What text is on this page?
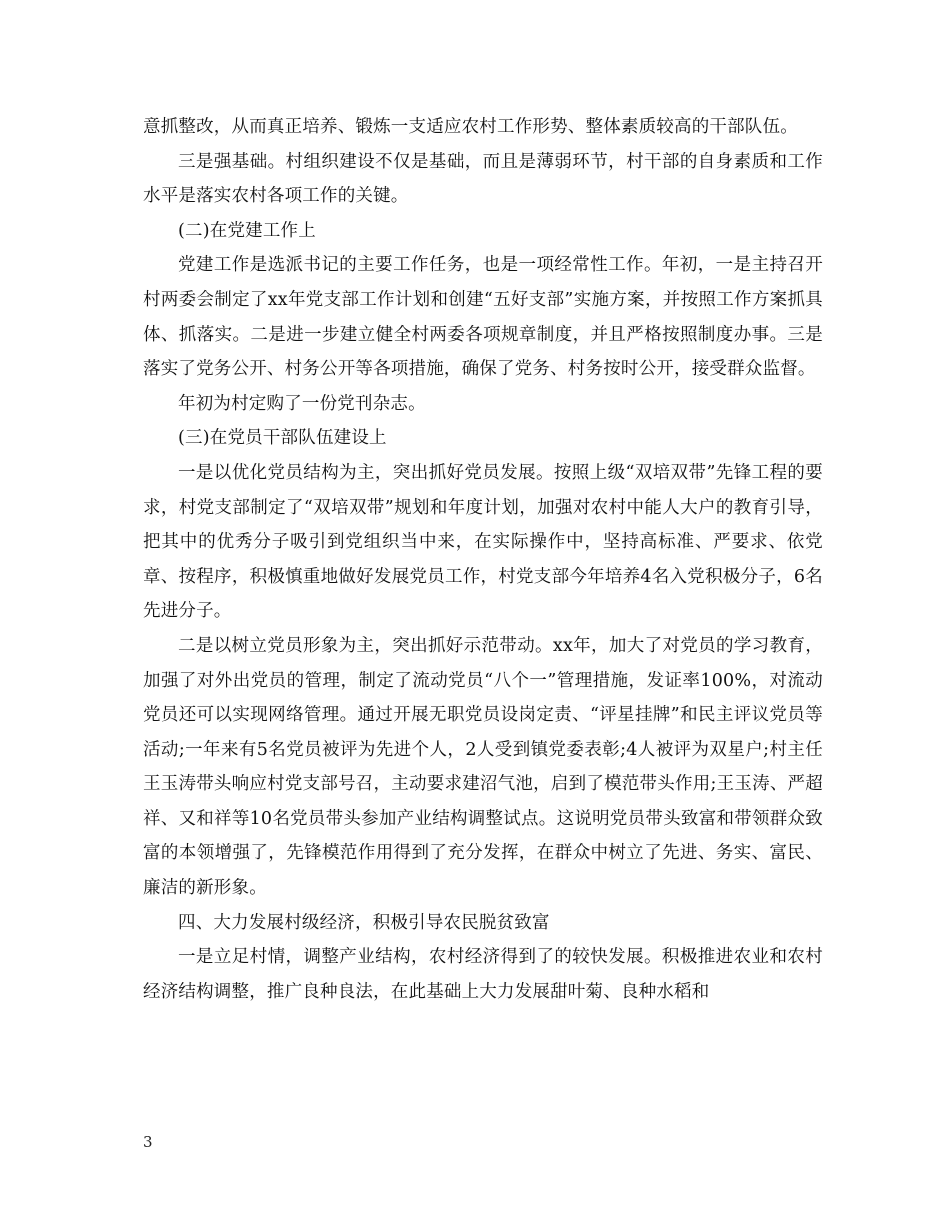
意抓整改，从而真正培养、锻炼一支适应农村工作形势、整体素质较高的干部队伍。

三是强基础。村组织建设不仅是基础，而且是薄弱环节，村干部的自身素质和工作水平是落实农村各项工作的关键。

(二)在党建工作上

党建工作是选派书记的主要工作任务，也是一项经常性工作。年初，一是主持召开村两委会制定了xx年党支部工作计划和创建“五好支部”实施方案，并按照工作方案抓具体、抓落实。二是进一步建立健全村两委各项规章制度，并且严格按照制度办事。三是落实了党务公开、村务公开等各项措施，确保了党务、村务按时公开，接受群众监督。

年初为村定购了一份党刊杂志。

(三)在党员干部队伍建设上

一是以优化党员结构为主，突出抓好党员发展。按照上级“双培双带”先锋工程的要求，村党支部制定了“双培双带”规划和年度计划，加强对农村中能人大户的教育引导，把其中的优秀分子吸引到党组织当中来，在实际操作中，坚持高标准、严要求、依党章、按程序，积极慎重地做好发展党员工作，村党支部今年培养4名入党积极分子，6名先进分子。

二是以树立党员形象为主，突出抓好示范带动。xx年，加大了对党员的学习教育，加强了对外出党员的管理，制定了流动党员“八个一”管理措施，发证率100%，对流动党员还可以实现网络管理。通过开展无职党员设岗定责、“评星挂牌”和民主评议党员等活动;一年来有5名党员被评为先进个人，2人受到镇党委表彰;4人被评为双星户;村主任王玉涛带头响应村党支部号召，主动要求建沼气池，启到了模范带头作用;王玉涛、严超祥、又和祥等10名党员带头参加产业结构调整试点。这说明党员带头致富和带领群众致富的本领增强了，先锋模范作用得到了充分发挥，在群众中树立了先进、务实、富民、廉洁的新形象。

四、大力发展村级经济，积极引导农民脱贫致富

一是立足村情，调整产业结构，农村经济得到了的较快发展。积极推进农业和农村经济结构调整，推广良种良法，在此基础上大力发展甜叶菊、良种水稻和

3
